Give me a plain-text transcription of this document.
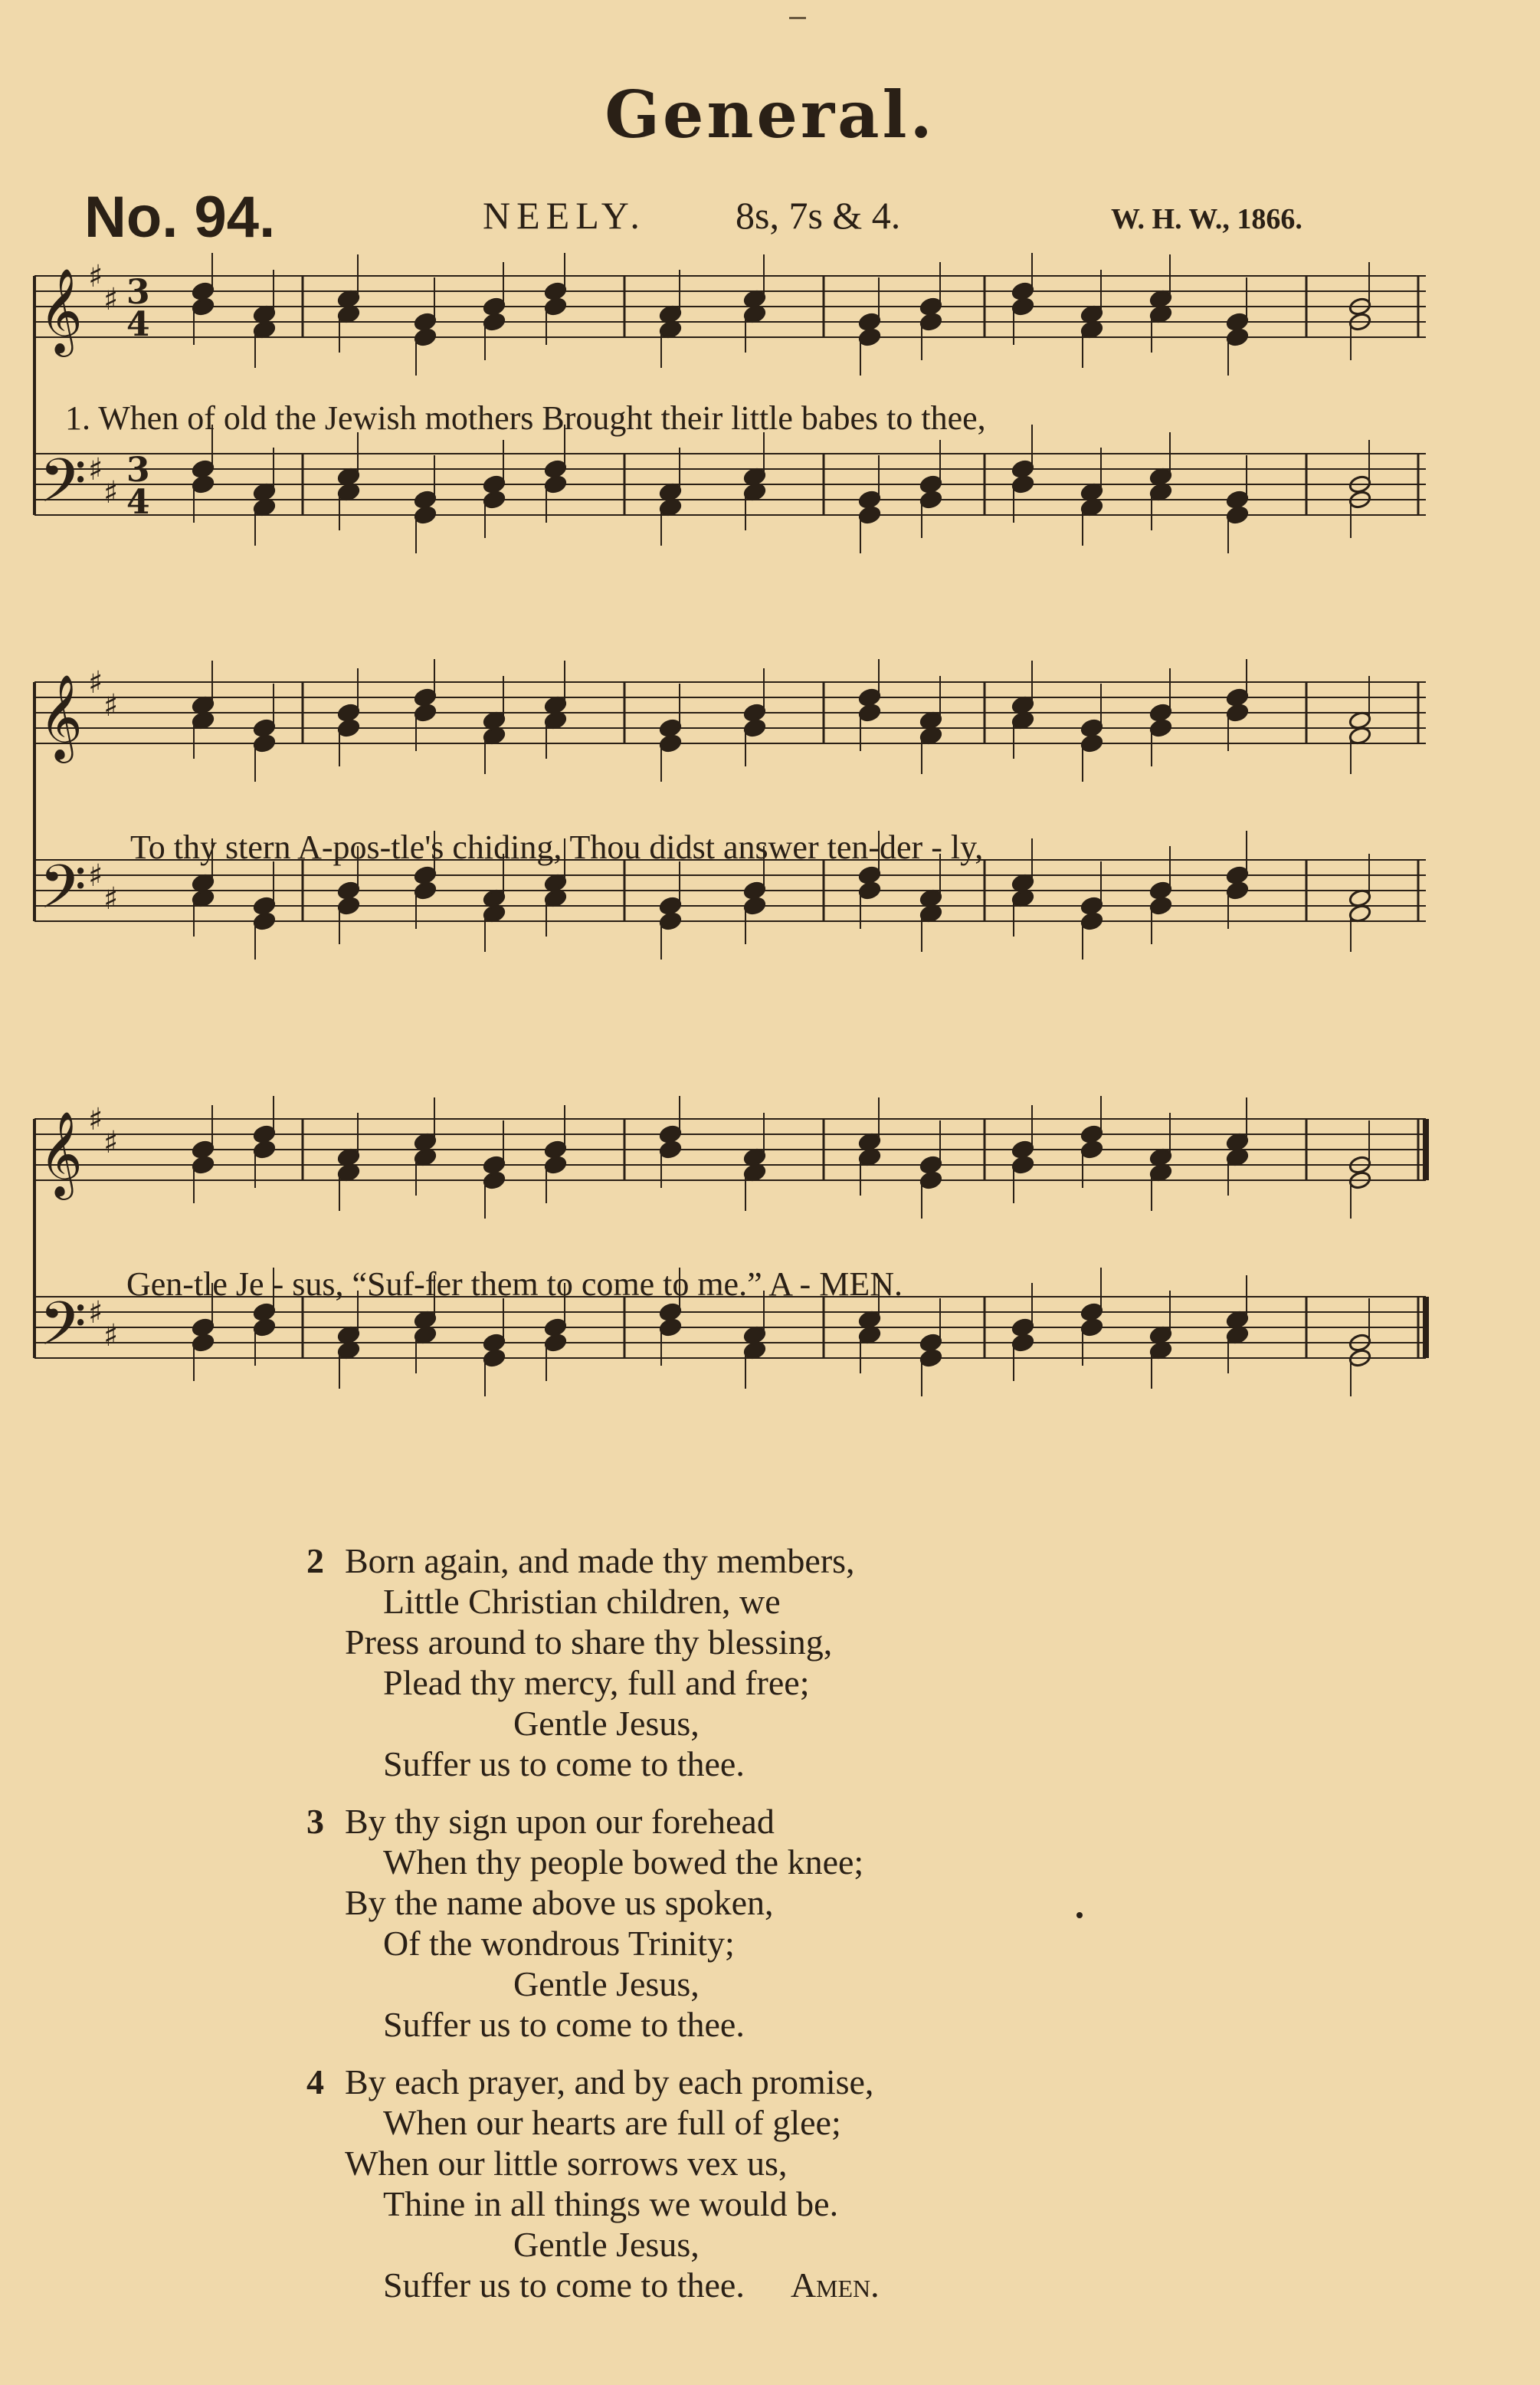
General.
No. 94.	NEELY. 8s, 7s & 4.	W. H. W., 1866.
𝄞 ♯
♯ 3
4
𝄢 ♯
♯
3
4
1. When of old the Jewish mothers Brought their little babes to thee,
𝄞 ♯
♯
𝄢 ♯
♯
To thy stern A-pos-tle's chiding, Thou didst answer ten-der - ly,
𝄞 ♯
♯
𝄢 ♯
♯
Gen-tle Je - sus, “Suf-fer them to come to me.” A - MEN.
2 Born again, and made thy members,
Little Christian children, we
Press around to share thy blessing,
Plead thy mercy, full and free;
Gentle Jesus,
Suffer us to come to thee.
3 By thy sign upon our forehead
When thy people bowed the knee;
By the name above us spoken,
Of the wondrous Trinity;
Gentle Jesus,
Suffer us to come to thee.
4 By each prayer, and by each promise,
When our hearts are full of glee;
When our little sorrows vex us,
Thine in all things we would be.
Gentle Jesus,
Suffer us to come to thee. Amen.
